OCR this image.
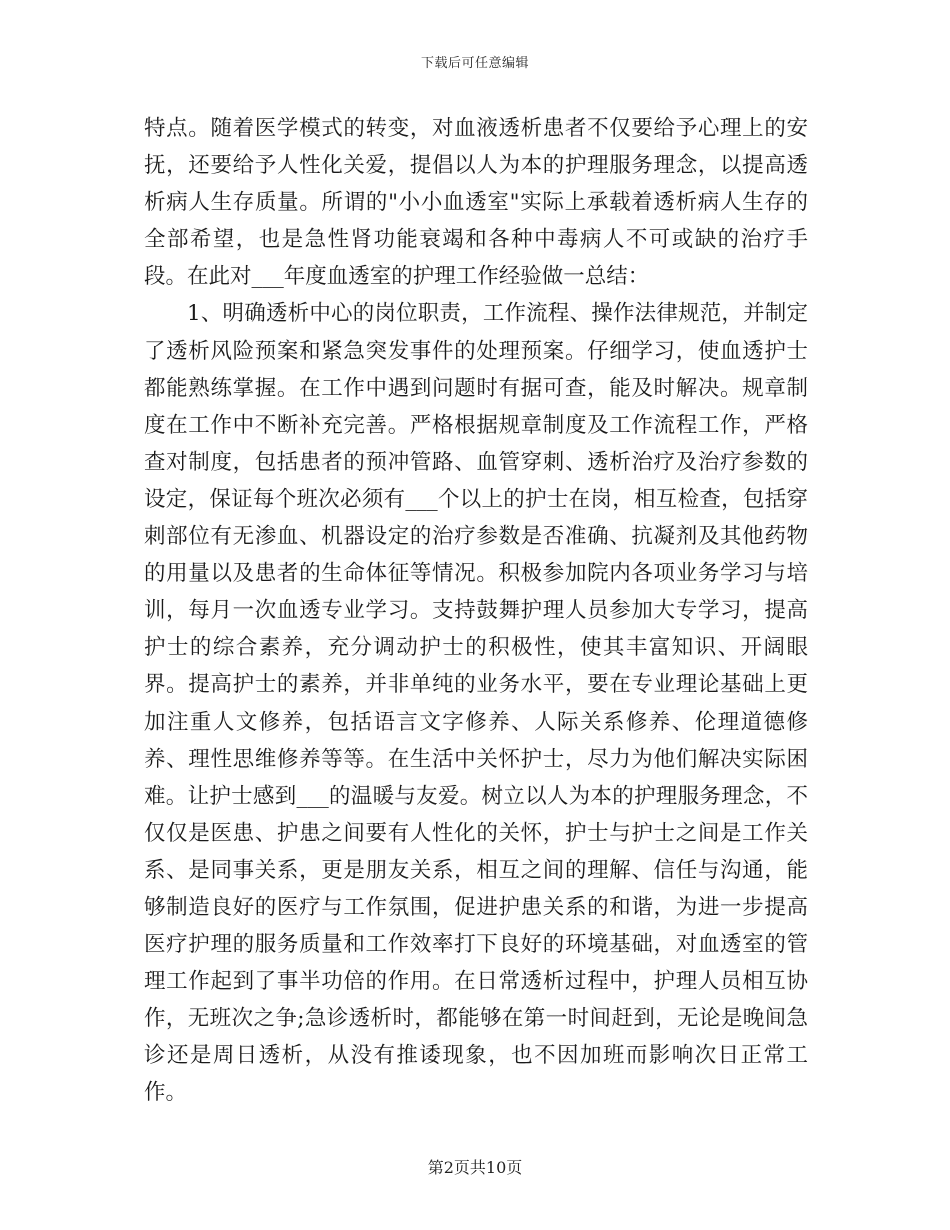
下载后可任意编辑

特点。随着医学模式的转变，对血液透析患者不仅要给予心理上的安抚，还要给予人性化关爱，提倡以人为本的护理服务理念，以提高透析病人生存质量。所谓的"小小血透室"实际上承载着透析病人生存的全部希望，也是急性肾功能衰竭和各种中毒病人不可或缺的治疗手段。在此对___年度血透室的护理工作经验做一总结：

1、明确透析中心的岗位职责，工作流程、操作法律规范，并制定了透析风险预案和紧急突发事件的处理预案。仔细学习，使血透护士都能熟练掌握。在工作中遇到问题时有据可查，能及时解决。规章制度在工作中不断补充完善。严格根据规章制度及工作流程工作，严格查对制度，包括患者的预冲管路、血管穿刺、透析治疗及治疗参数的设定，保证每个班次必须有___个以上的护士在岗，相互检查，包括穿刺部位有无渗血、机器设定的治疗参数是否准确、抗凝剂及其他药物的用量以及患者的生命体征等情况。积极参加院内各项业务学习与培训，每月一次血透专业学习。支持鼓舞护理人员参加大专学习，提高护士的综合素养，充分调动护士的积极性，使其丰富知识、开阔眼界。提高护士的素养，并非单纯的业务水平，要在专业理论基础上更加注重人文修养，包括语言文字修养、人际关系修养、伦理道德修养、理性思维修养等等。在生活中关怀护士，尽力为他们解决实际困难。让护士感到___的温暖与友爱。树立以人为本的护理服务理念，不仅仅是医患、护患之间要有人性化的关怀，护士与护士之间是工作关系、是同事关系，更是朋友关系，相互之间的理解、信任与沟通，能够制造良好的医疗与工作氛围，促进护患关系的和谐，为进一步提高医疗护理的服务质量和工作效率打下良好的环境基础，对血透室的管理工作起到了事半功倍的作用。在日常透析过程中，护理人员相互协作，无班次之争;急诊透析时，都能够在第一时间赶到，无论是晚间急诊还是周日透析，从没有推诿现象，也不因加班而影响次日正常工作。

第2页共10页
